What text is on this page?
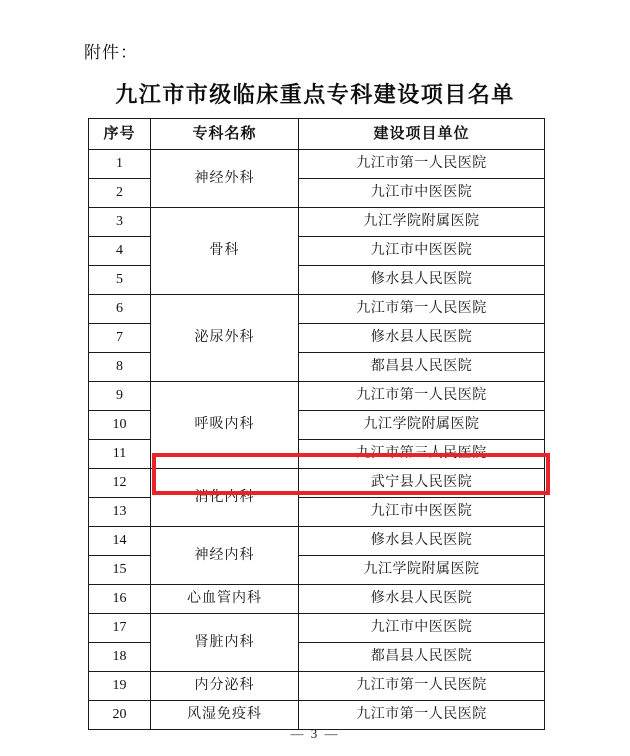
附件：
九江市市级临床重点专科建设项目名单
序号	专科名称	建设项目单位
1	神经外科	九江市第一人民医院
2		九江市中医医院
3	骨科	九江学院附属医院
4		九江市中医医院
5		修水县人民医院
6	泌尿外科	九江市第一人民医院
7		修水县人民医院
8		都昌县人民医院
9	呼吸内科	九江市第一人民医院
10		九江学院附属医院
11		九江市第三人民医院
12	消化内科	武宁县人民医院
13		九江市中医医院
14	神经内科	修水县人民医院
15		九江学院附属医院
16	心血管内科	修水县人民医院
17	肾脏内科	九江市中医医院
18		都昌县人民医院
19	内分泌科	九江市第一人民医院
20	风湿免疫科	九江市第一人民医院
— 3 —
